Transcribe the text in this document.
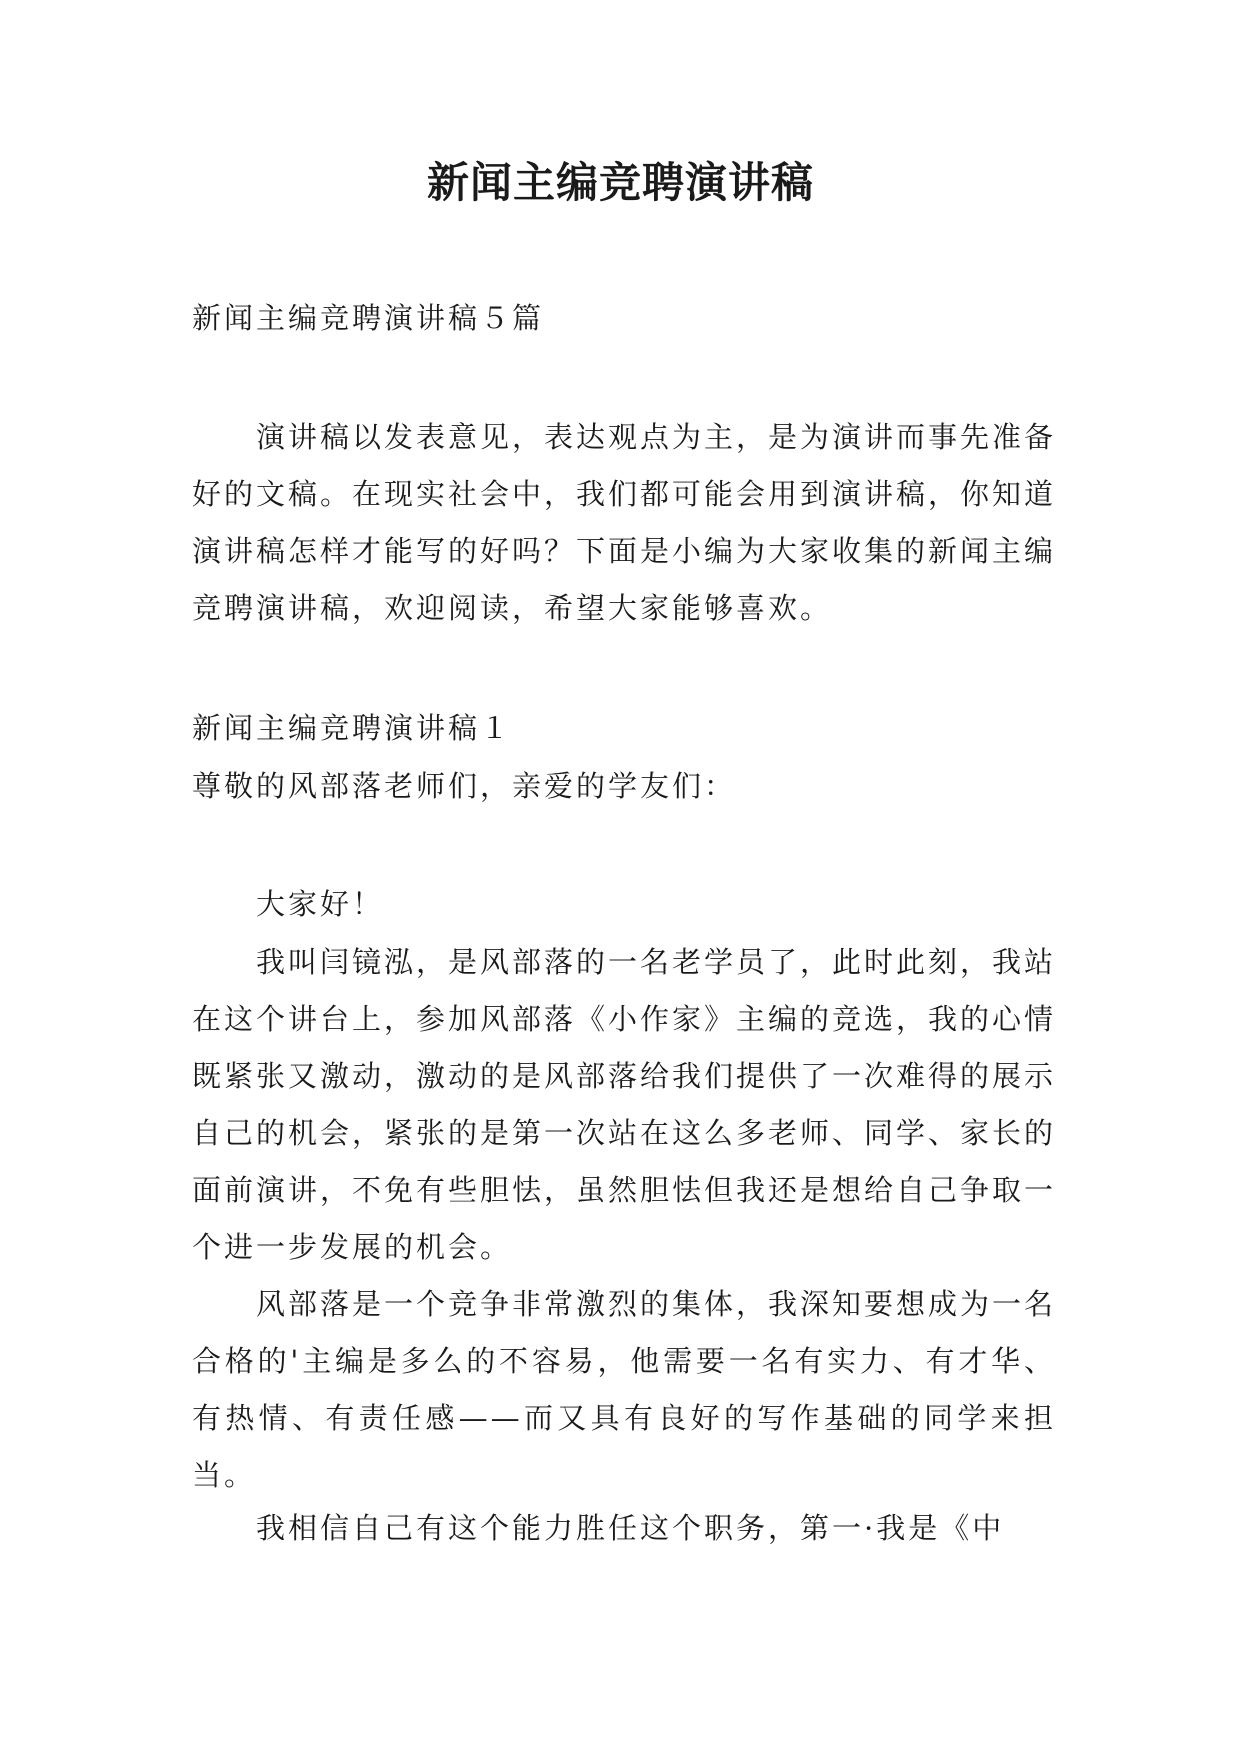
新闻主编竞聘演讲稿

新闻主编竞聘演讲稿５篇

演讲稿以发表意见，表达观点为主，是为演讲而事先准备好的文稿。在现实社会中，我们都可能会用到演讲稿，你知道演讲稿怎样才能写的好吗？下面是小编为大家收集的新闻主编竞聘演讲稿，欢迎阅读，希望大家能够喜欢。

新闻主编竞聘演讲稿１

尊敬的风部落老师们，亲爱的学友们：

大家好！

我叫闫镜泓，是风部落的一名老学员了，此时此刻，我站在这个讲台上，参加风部落《小作家》主编的竞选，我的心情既紧张又激动，激动的是风部落给我们提供了一次难得的展示自己的机会，紧张的是第一次站在这么多老师、同学、家长的面前演讲，不免有些胆怯，虽然胆怯但我还是想给自己争取一个进一步发展的机会。

风部落是一个竞争非常激烈的集体，我深知要想成为一名合格的'主编是多么的不容易，他需要一名有实力、有才华、有热情、有责任感——而又具有良好的写作基础的同学来担当。

我相信自己有这个能力胜任这个职务，第一·我是《中
